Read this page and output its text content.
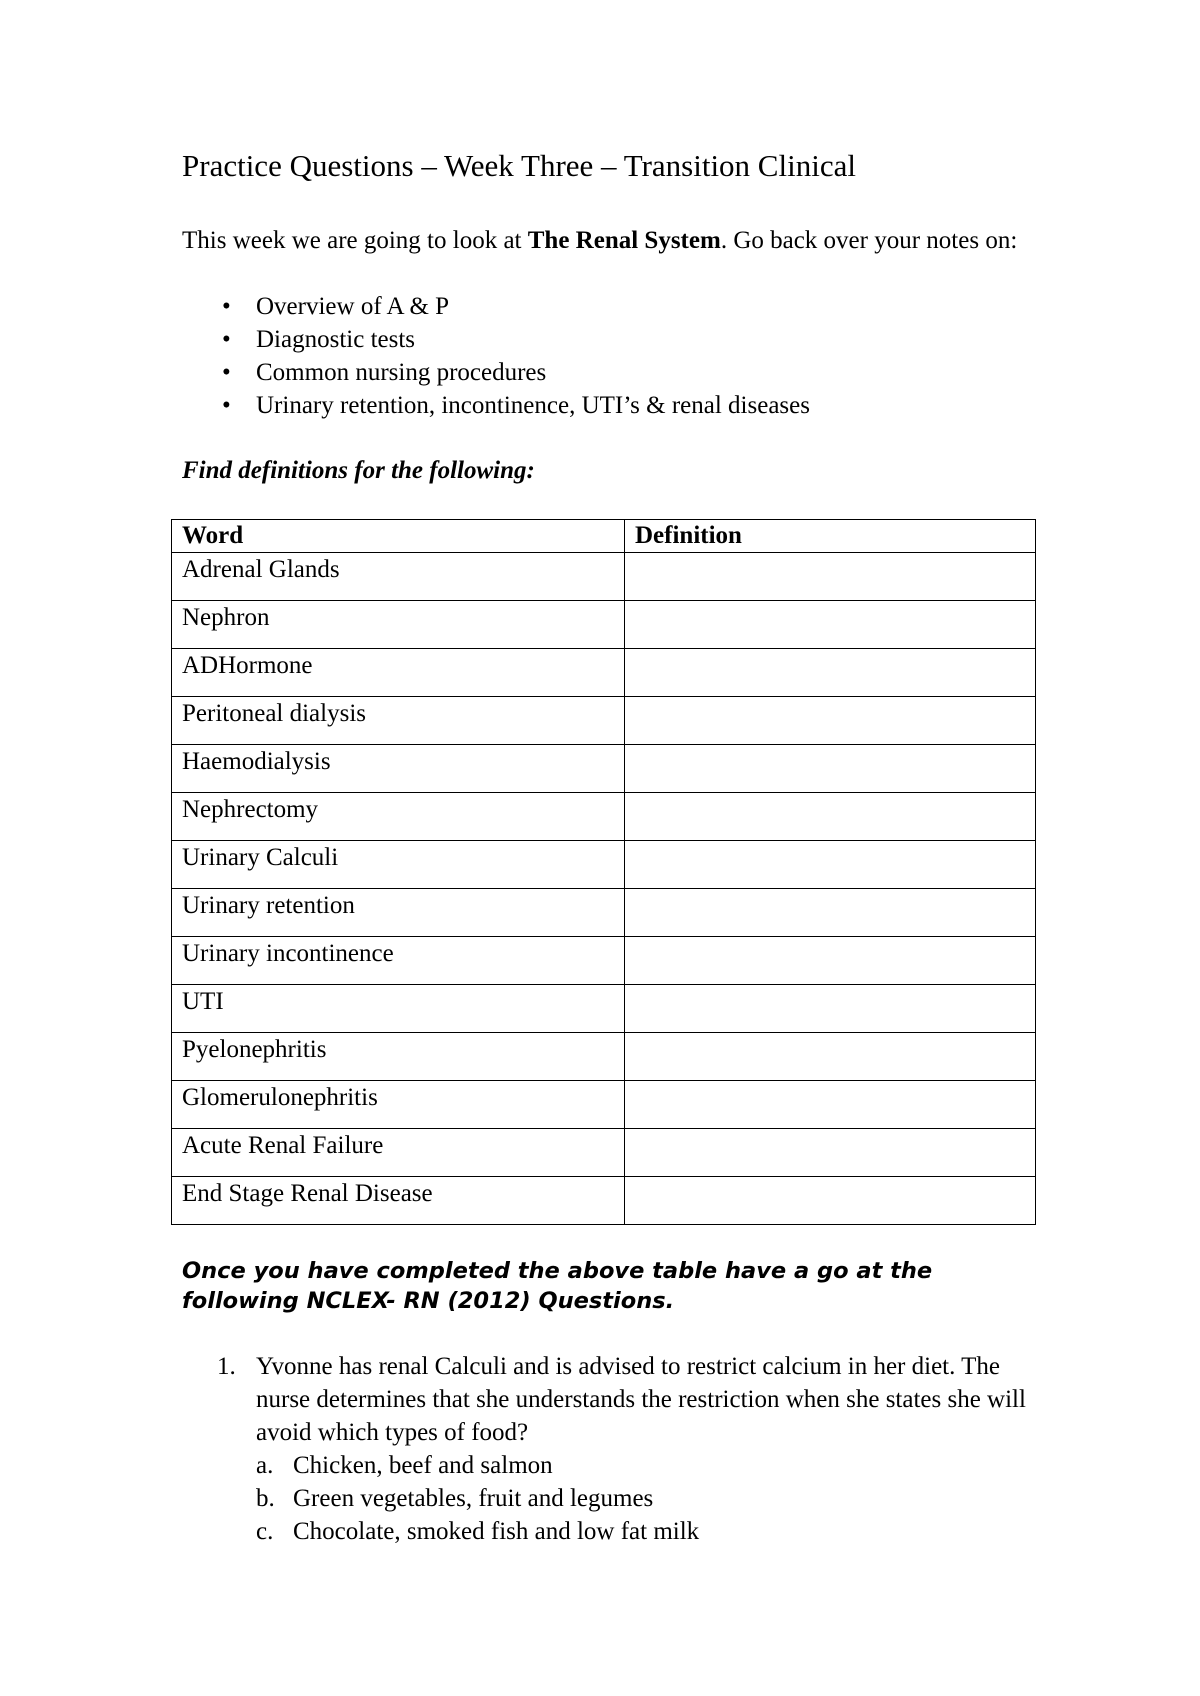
Practice Questions – Week Three – Transition Clinical
This week we are going to look at The Renal System. Go back over your notes on:
• Overview of A & P
• Diagnostic tests
• Common nursing procedures
• Urinary retention, incontinence, UTI’s & renal diseases
Find definitions for the following:
Word	Definition
Adrenal Glands	
Nephron	
ADHormone	
Peritoneal dialysis	
Haemodialysis	
Nephrectomy	
Urinary Calculi	
Urinary retention	
Urinary incontinence	
UTI	
Pyelonephritis	
Glomerulonephritis	
Acute Renal Failure	
End Stage Renal Disease	
Once you have completed the above table have a go at the following NCLEX- RN (2012) Questions.
1. Yvonne has renal Calculi and is advised to restrict calcium in her diet. The nurse determines that she understands the restriction when she states she will avoid which types of food?
a. Chicken, beef and salmon
b. Green vegetables, fruit and legumes
c. Chocolate, smoked fish and low fat milk
